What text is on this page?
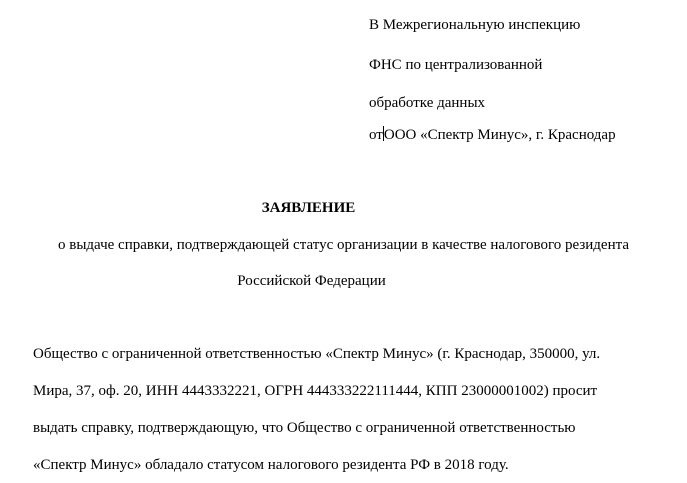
В Межрегиональную инспекцию
ФНС по централизованной
обработке данных
отООО «Спектр Минус», г. Краснодар
ЗАЯВЛЕНИЕ
о выдаче справки, подтверждающей статус организации в качестве налогового резидента
Российской Федерации
Общество с ограниченной ответственностью «Спектр Минус» (г. Краснодар, 350000, ул.
Мира, 37, оф. 20, ИНН 4443332221, ОГРН 444333222111444, КПП 23000001002) просит
выдать справку, подтверждающую, что Общество с ограниченной ответственностью
«Спектр Минус» обладало статусом налогового резидента РФ в 2018 году.
